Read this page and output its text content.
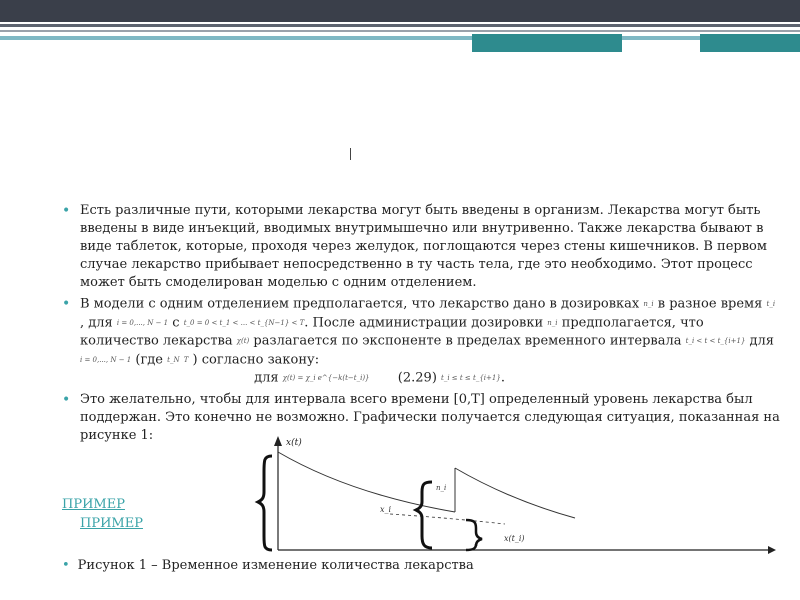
• Есть различные пути, которыми лекарства могут быть введены в организм. Лекарства могут быть введены в виде инъекций, вводимых внутримышечно или внутривенно. Также лекарства бывают в виде таблеток, которые, проходя через желудок, поглощаются через стены кишечников. В первом случае лекарство прибывает непосредственно в ту часть тела, где это необходимо. Этот процесс может быть смоделирован моделью с одним отделением.
• В модели с одним отделением предполагается, что лекарство дано в дозировках n_i в разное время t_i , для i = 0,..., N − 1 с t_0 = 0 < t_1 < ... < t_{N−1} < T. После администрации дозировки n_i предполагается, что количество лекарства χ(t) разлагается по экспоненте в пределах временного интервала t_i < t < t_{i+1} для i = 0,..., N − 1 (где t_N T ) согласно закону:
для χ(t) = χ_i e^{−k(t−t_i)} (2.29) t_i ≤ t ≤ t_{i+1}.
• Это желательно, чтобы для интервала всего времени [0,T] определенный уровень лекарства был поддержан. Это конечно не возможно. Графически получается следующая ситуация, показанная на рисунке 1:
ПРИМЕР
ПРИМЕР
x(t)
n_i
x_i
x(t_i)
• Рисунок 1 – Временное изменение количества лекарства
